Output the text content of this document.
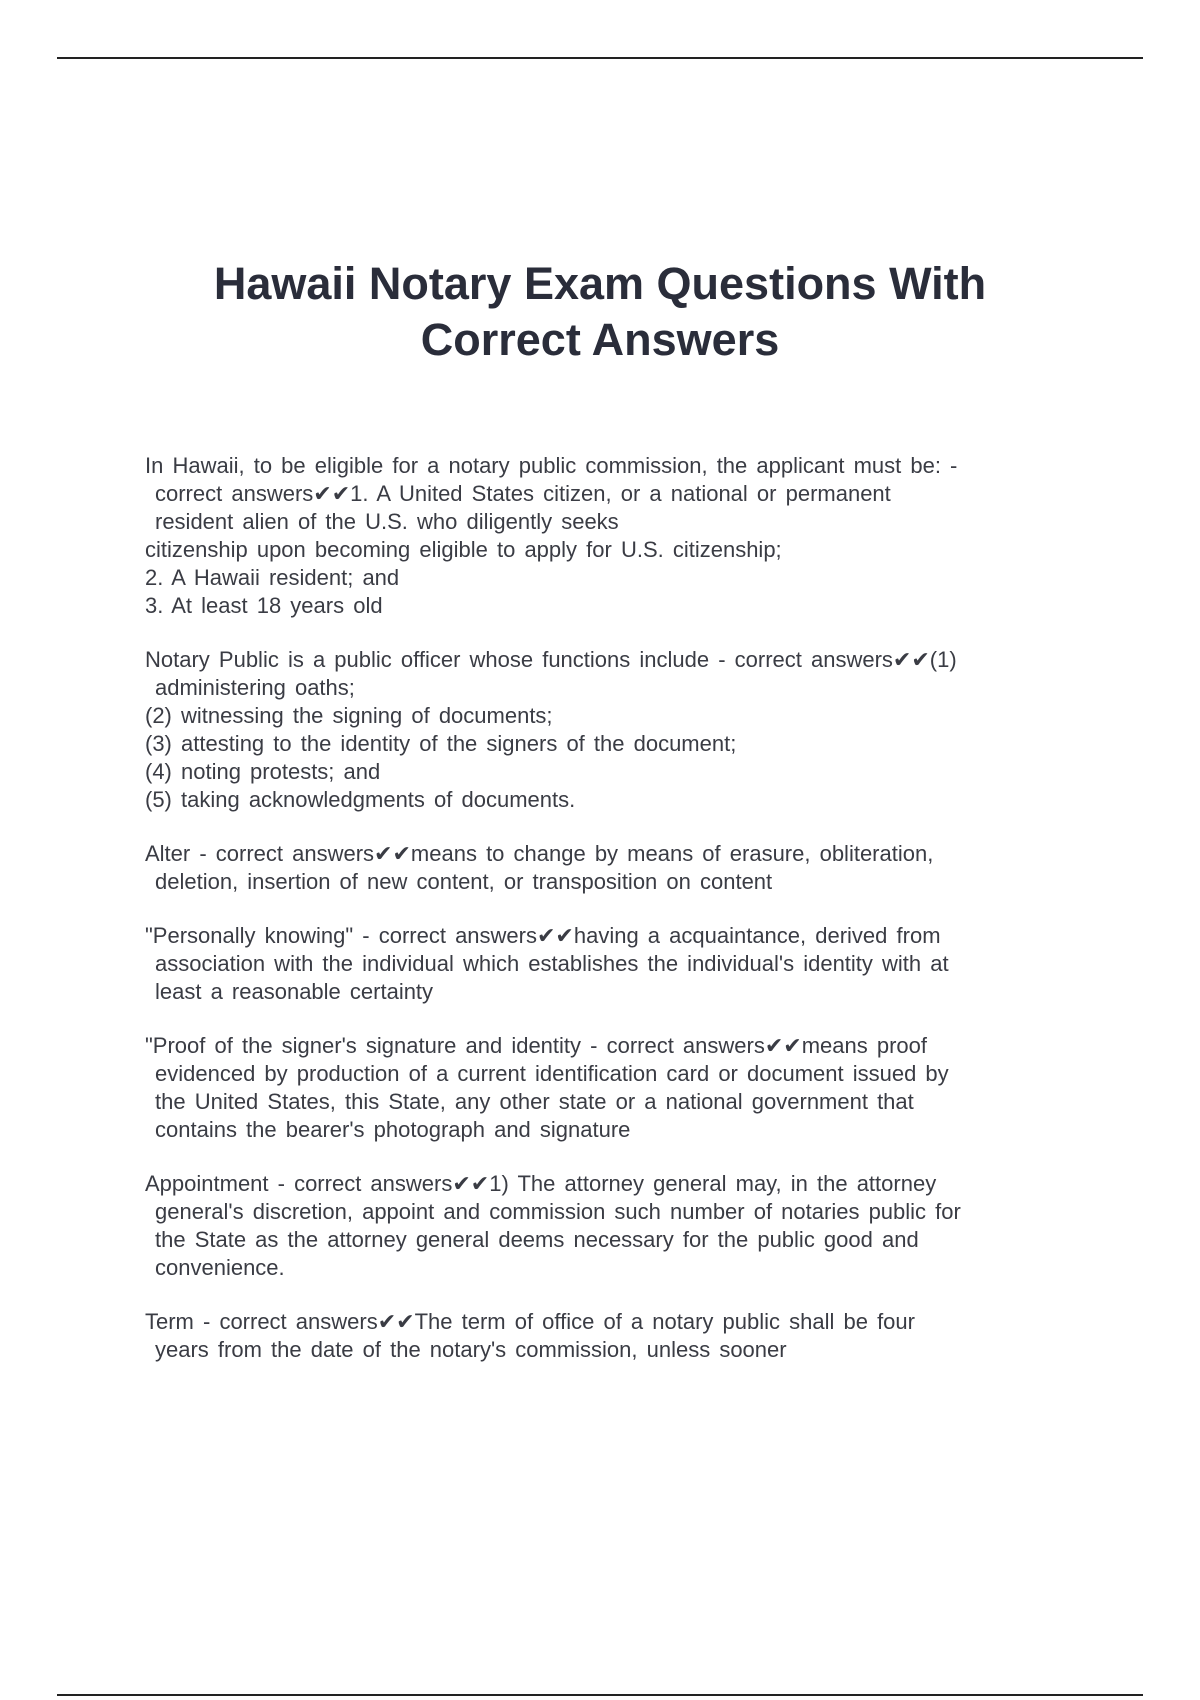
Hawaii Notary Exam Questions With
Correct Answers
In Hawaii, to be eligible for a notary public commission, the applicant must be: -
correct answers✔✔1. A United States citizen, or a national or permanent
resident alien of the U.S. who diligently seeks
citizenship upon becoming eligible to apply for U.S. citizenship;
2. A Hawaii resident; and
3. At least 18 years old
Notary Public is a public officer whose functions include - correct answers✔✔(1)
administering oaths;
(2) witnessing the signing of documents;
(3) attesting to the identity of the signers of the document;
(4) noting protests; and
(5) taking acknowledgments of documents.
Alter - correct answers✔✔means to change by means of erasure, obliteration,
deletion, insertion of new content, or transposition on content
"Personally knowing" - correct answers✔✔having a acquaintance, derived from
association with the individual which establishes the individual's identity with at
least a reasonable certainty
"Proof of the signer's signature and identity - correct answers✔✔means proof
evidenced by production of a current identification card or document issued by
the United States, this State, any other state or a national government that
contains the bearer's photograph and signature
Appointment - correct answers✔✔1) The attorney general may, in the attorney
general's discretion, appoint and commission such number of notaries public for
the State as the attorney general deems necessary for the public good and
convenience.
Term - correct answers✔✔The term of office of a notary public shall be four
years from the date of the notary's commission, unless sooner
